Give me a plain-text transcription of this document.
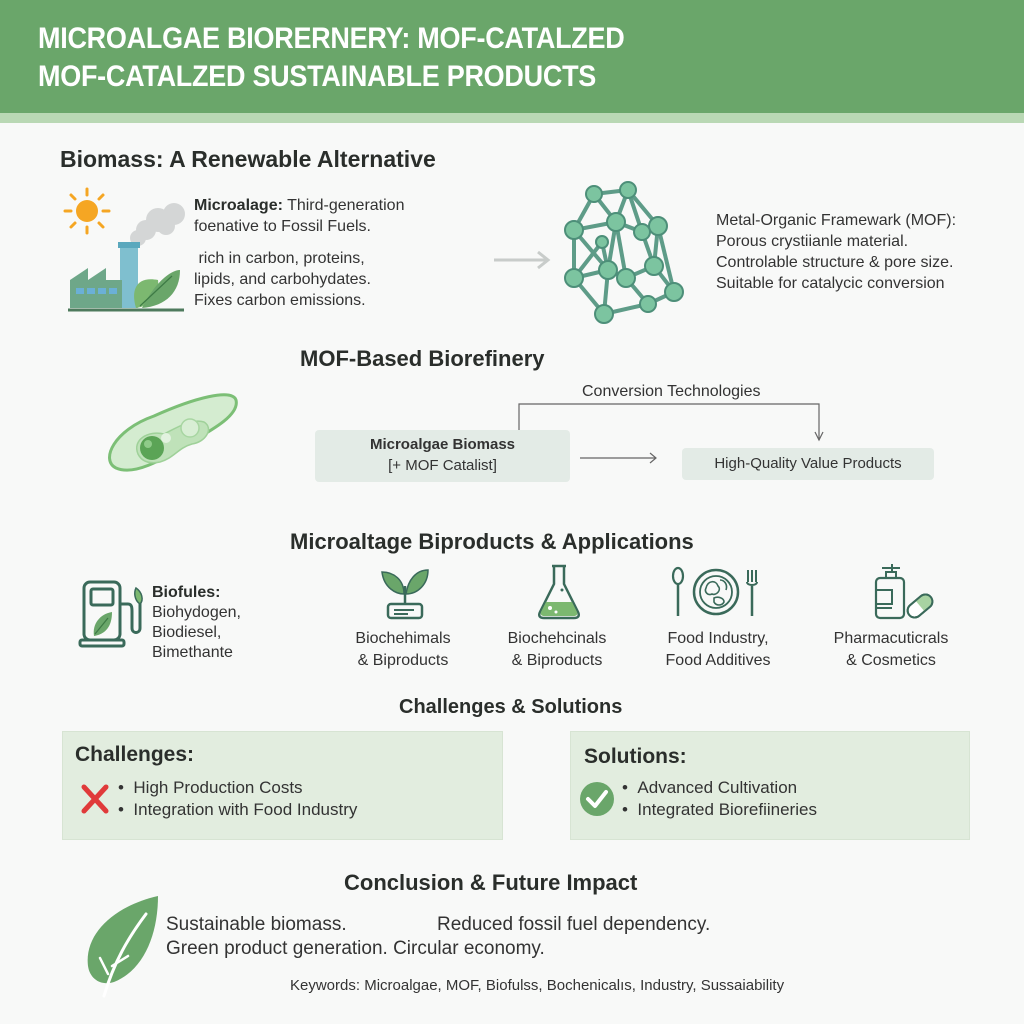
MICROALGAE BIORERNERY: MOF-CATALZED
MOF-CATALZED SUSTAINABLE PRODUCTS
Biomass: A Renewable Alternative
Microalage: Third-generation
foenative to Fossil Fuels.
rich in carbon, proteins,
lipids, and carbohydates.
Fixes carbon emissions.
Metal-Organic Framewark (MOF):
Porous crystiianle material.
Controlable structure & pore size.
Suitable for catalycic conversion
MOF-Based Biorefinery
Conversion Technologies
Microalgae Biomass
[+ MOF Catalist]	High-Quality Value Products
Microaltage Biproducts & Applications
Biofules:
Biohydogen,
Biodiesel,
Bimethante
Biochehimals
& Biproducts
Biochehcinals
& Biproducts
Food Industry,
Food Additives
Pharmacuticrals
& Cosmetics
Challenges & Solutions
Challenges:
• High Production Costs
• Integration with Food Industry
Solutions:
• Advanced Cultivation
• Integrated Biorefiineries
Conclusion & Future Impact
Sustainable biomass.	Reduced fossil fuel dependency.
Green product generation. Circular economy.
Keywords: Microalgae, MOF, Biofulss, Bochenicalıs, Industry, Sussaiability
